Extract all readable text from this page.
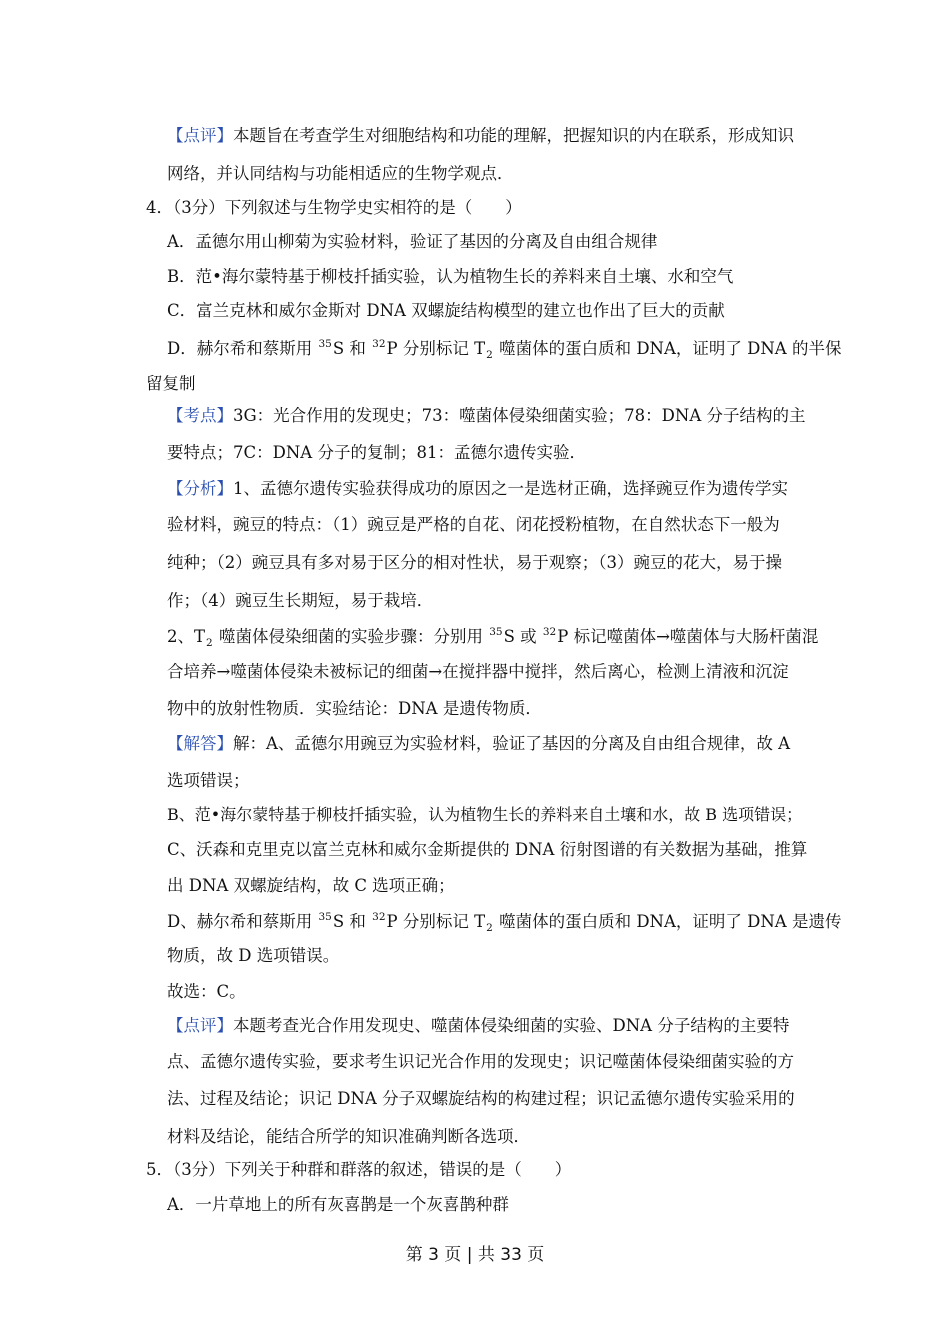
【点评】本题旨在考查学生对细胞结构和功能的理解，把握知识的内在联系，形成知识
网络，并认同结构与功能相适应的生物学观点．
4．（3分）下列叙述与生物学史实相符的是（　　）
A．孟德尔用山柳菊为实验材料，验证了基因的分离及自由组合规律
B．范•海尔蒙特基于柳枝扦插实验，认为植物生长的养料来自土壤、水和空气
C．富兰克林和威尔金斯对 DNA 双螺旋结构模型的建立也作出了巨大的贡献
D．赫尔希和蔡斯用 $^{35}$S 和 $^{32}$P 分别标记 $T_2$ 噬菌体的蛋白质和 DNA，证明了 DNA 的半保
留复制
【考点】3G：光合作用的发现史；73：噬菌体侵染细菌实验；78：DNA 分子结构的主
要特点；7C：DNA 分子的复制；81：孟德尔遗传实验．
【分析】1、孟德尔遗传实验获得成功的原因之一是选材正确，选择豌豆作为遗传学实
验材料，豌豆的特点：（1）豌豆是严格的自花、闭花授粉植物，在自然状态下一般为
纯种；（2）豌豆具有多对易于区分的相对性状，易于观察；（3）豌豆的花大，易于操
作；（4）豌豆生长期短，易于栽培．
2、$T_2$ 噬菌体侵染细菌的实验步骤：分别用 $^{35}$S 或 $^{32}$P 标记噬菌体→噬菌体与大肠杆菌混
合培养→噬菌体侵染未被标记的细菌→在搅拌器中搅拌，然后离心，检测上清液和沉淀
物中的放射性物质．实验结论：DNA 是遗传物质．
【解答】解：A、孟德尔用豌豆为实验材料，验证了基因的分离及自由组合规律，故 A
选项错误；
B、范•海尔蒙特基于柳枝扦插实验，认为植物生长的养料来自土壤和水，故 B 选项错误；
C、沃森和克里克以富兰克林和威尔金斯提供的 DNA 衍射图谱的有关数据为基础，推算
出 DNA 双螺旋结构，故 C 选项正确；
D、赫尔希和蔡斯用 $^{35}$S 和 $^{32}$P 分别标记 $T_2$ 噬菌体的蛋白质和 DNA，证明了 DNA 是遗传
物质，故 D 选项错误。
故选：C。
【点评】本题考查光合作用发现史、噬菌体侵染细菌的实验、DNA 分子结构的主要特
点、孟德尔遗传实验，要求考生识记光合作用的发现史；识记噬菌体侵染细菌实验的方
法、过程及结论；识记 DNA 分子双螺旋结构的构建过程；识记孟德尔遗传实验采用的
材料及结论，能结合所学的知识准确判断各选项．
5．（3分）下列关于种群和群落的叙述，错误的是（　　）
A．一片草地上的所有灰喜鹊是一个灰喜鹊种群
第 3 页 | 共 33 页
